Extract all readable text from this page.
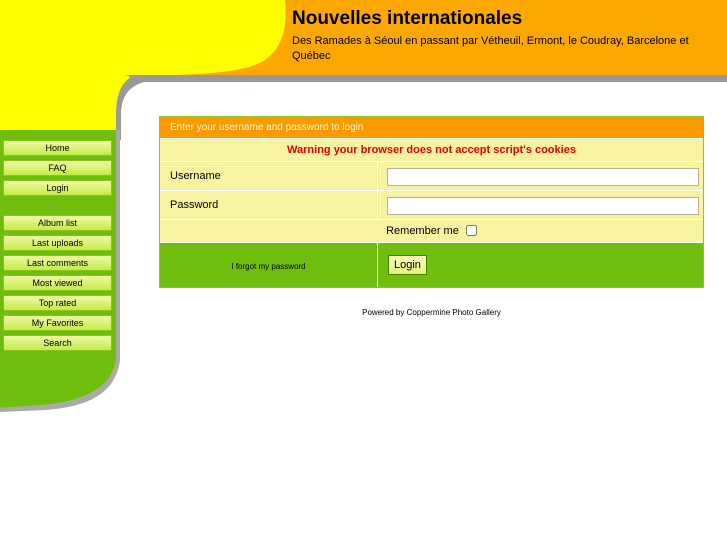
Nouvelles internationales

Des Ramades à Séoul en passant par Vétheuil, Ermont, le Coudray, Barcelone et Québec

Home
FAQ
Login
Album list
Last uploads
Last comments
Most viewed
Top rated
My Favorites
Search
Enter your username and password to login	
Warning your browser does not accept script's cookies	
Username	
Password	
Remember me	
I forgot my password	Login
Powered by Coppermine Photo Gallery
